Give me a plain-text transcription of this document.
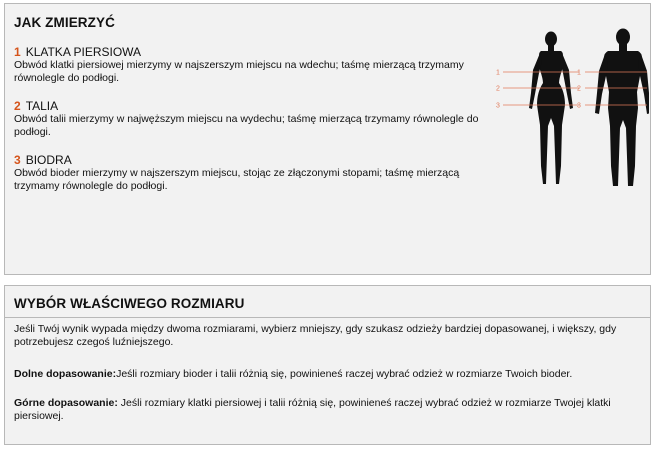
JAK ZMIERZYĆ
1 KLATKA PIERSIOWA
Obwód klatki piersiowej mierzymy w najszerszym miejscu na wdechu; taśmę mierzącą trzymamy równolegle do podłogi.
2 TALIA
Obwód talii mierzymy w najwęższym miejscu na wydechu; taśmę mierzącą trzymamy równolegle do podłogi.
3 BIODRA
Obwód bioder mierzymy w najszerszym miejscu, stojąc ze złączonymi stopami; taśmę mierzącą trzymamy równolegle do podłogi.
1
2
3
1
2
3
WYBÓR WŁAŚCIWEGO ROZMIARU
Jeśli Twój wynik wypada między dwoma rozmiarami, wybierz mniejszy, gdy szukasz odzieży bardziej dopasowanej, i większy, gdy potrzebujesz czegoś luźniejszego.
Dolne dopasowanie:Jeśli rozmiary bioder i talii różnią się, powinieneś raczej wybrać odzież w rozmiarze Twoich bioder.
Górne dopasowanie: Jeśli rozmiary klatki piersiowej i talii różnią się, powinieneś raczej wybrać odzież w rozmiarze Twojej klatki piersiowej.
